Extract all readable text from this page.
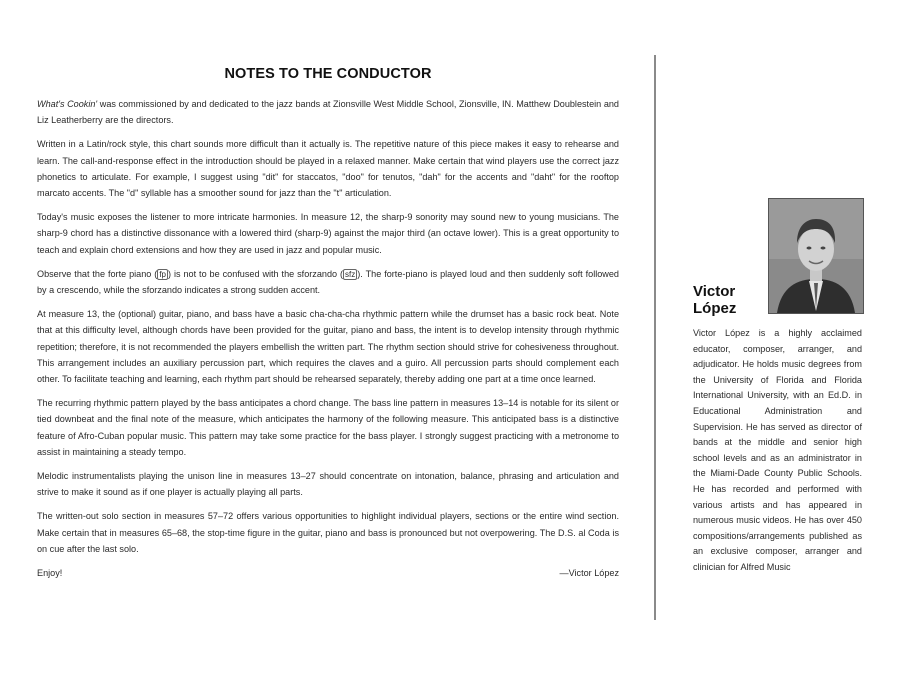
NOTES TO THE CONDUCTOR

What's Cookin' was commissioned by and dedicated to the jazz bands at Zionsville West Middle School, Zionsville, IN. Matthew Doublestein and Liz Leatherberry are the directors.

Written in a Latin/rock style, this chart sounds more difficult than it actually is. The repetitive nature of this piece makes it easy to rehearse and learn. The call-and-response effect in the introduction should be played in a relaxed manner. Make certain that wind players use the correct jazz phonetics to articulate. For example, I suggest using "dit" for staccatos, "doo" for tenutos, "dah" for the accents and "daht" for the rooftop marcato accents. The "d" syllable has a smoother sound for jazz than the "t" articulation.

Today's music exposes the listener to more intricate harmonies. In measure 12, the sharp-9 sonority may sound new to young musicians. The sharp-9 chord has a distinctive dissonance with a lowered third (sharp-9) against the major third (an octave lower). This is a great opportunity to teach and explain chord extensions and how they are used in jazz and popular music.

Observe that the forte piano ( fp ) is not to be confused with the sforzando ( sfz ). The forte-piano is played loud and then suddenly soft followed by a crescendo, while the sforzando indicates a strong sudden accent.

At measure 13, the (optional) guitar, piano, and bass have a basic cha-cha-cha rhythmic pattern while the drumset has a basic rock beat. Note that at this difficulty level, although chords have been provided for the guitar, piano and bass, the intent is to develop intensity through rhythmic repetition; therefore, it is not recommended the players embellish the written part. The rhythm section should strive for cohesiveness throughout. This arrangement includes an auxiliary percussion part, which requires the claves and a guiro. All percussion parts should complement each other. To facilitate teaching and learning, each rhythm part should be rehearsed separately, thereby adding one part at a time once learned.

The recurring rhythmic pattern played by the bass anticipates a chord change. The bass line pattern in measures 13–14 is notable for its silent or tied downbeat and the final note of the measure, which anticipates the harmony of the following measure. This anticipated bass is a distinctive feature of Afro-Cuban popular music. This pattern may take some practice for the bass player. I strongly suggest practicing with a metronome to assist in maintaining a steady tempo.

Melodic instrumentalists playing the unison line in measures 13–27 should concentrate on intonation, balance, phrasing and articulation and strive to make it sound as if one player is actually playing all parts.

The written-out solo section in measures 57–72 offers various opportunities to highlight individual players, sections or the entire wind section. Make certain that in measures 65–68, the stop-time figure in the guitar, piano and bass is pronounced but not overpowering. The D.S. al Coda is on cue after the last solo.

Enjoy!	—Victor López
Victor
López
Victor López is a highly acclaimed educator, composer, arranger, and adjudicator. He holds music degrees from the University of Florida and Florida International University, with an Ed.D. in Educational Administration and Supervision. He has served as director of bands at the middle and senior high school levels and as an administrator in the Miami-Dade County Public Schools. He has recorded and performed with various artists and has appeared in numerous music videos. He has over 450 compositions/arrangements published as an exclusive composer, arranger and clinician for Alfred Music
